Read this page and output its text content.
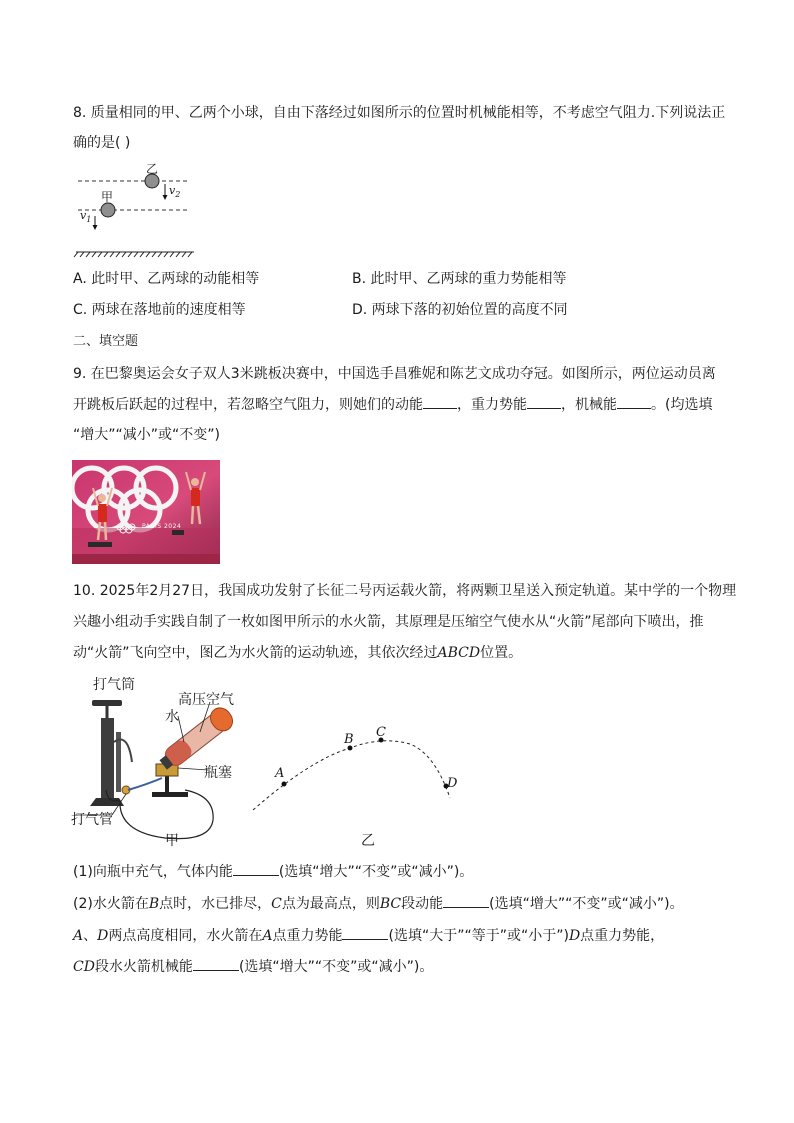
8. 质量相同的甲、乙两个小球，自由下落经过如图所示的位置时机械能相等，不考虑空气阻力.下列说法正
确的是( )
乙
甲	$v_2$
$v_1$
A. 此时甲、乙两球的动能相等	B. 此时甲、乙两球的重力势能相等
C. 两球在落地前的速度相等	D. 两球下落的初始位置的高度不同
二、填空题
9. 在巴黎奥运会女子双人3米跳板决赛中，中国选手昌雅妮和陈艺文成功夺冠。如图所示，两位运动员离
开跳板后跃起的过程中，若忽略空气阻力，则她们的动能 ，重力势能 ，机械能 。(均选填
“增大”“减小”或“不变”)
PARIS 2024
10. 2025年2月27日，我国成功发射了长征二号丙运载火箭，将两颗卫星送入预定轨道。某中学的一个物理
兴趣小组动手实践自制了一枚如图甲所示的水火箭，其原理是压缩空气使水从“火箭”尾部向下喷出，推
动“火箭”飞向空中，图乙为水火箭的运动轨迹，其依次经过ABCD位置。
打气筒
高压空气
水
瓶塞
打气管
甲
A
B C
D
乙
(1)向瓶中充气，气体内能	(选填“增大”“不变”或“减小”)。
(2)水火箭在B点时，水已排尽，C点为最高点，则BC段动能	(选填“增大”“不变”或“减小”)。
A、D两点高度相同，水火箭在A点重力势能	(选填“大于”“等于”或“小于”)D点重力势能，
CD段水火箭机械能	(选填“增大”“不变”或“减小”)。
